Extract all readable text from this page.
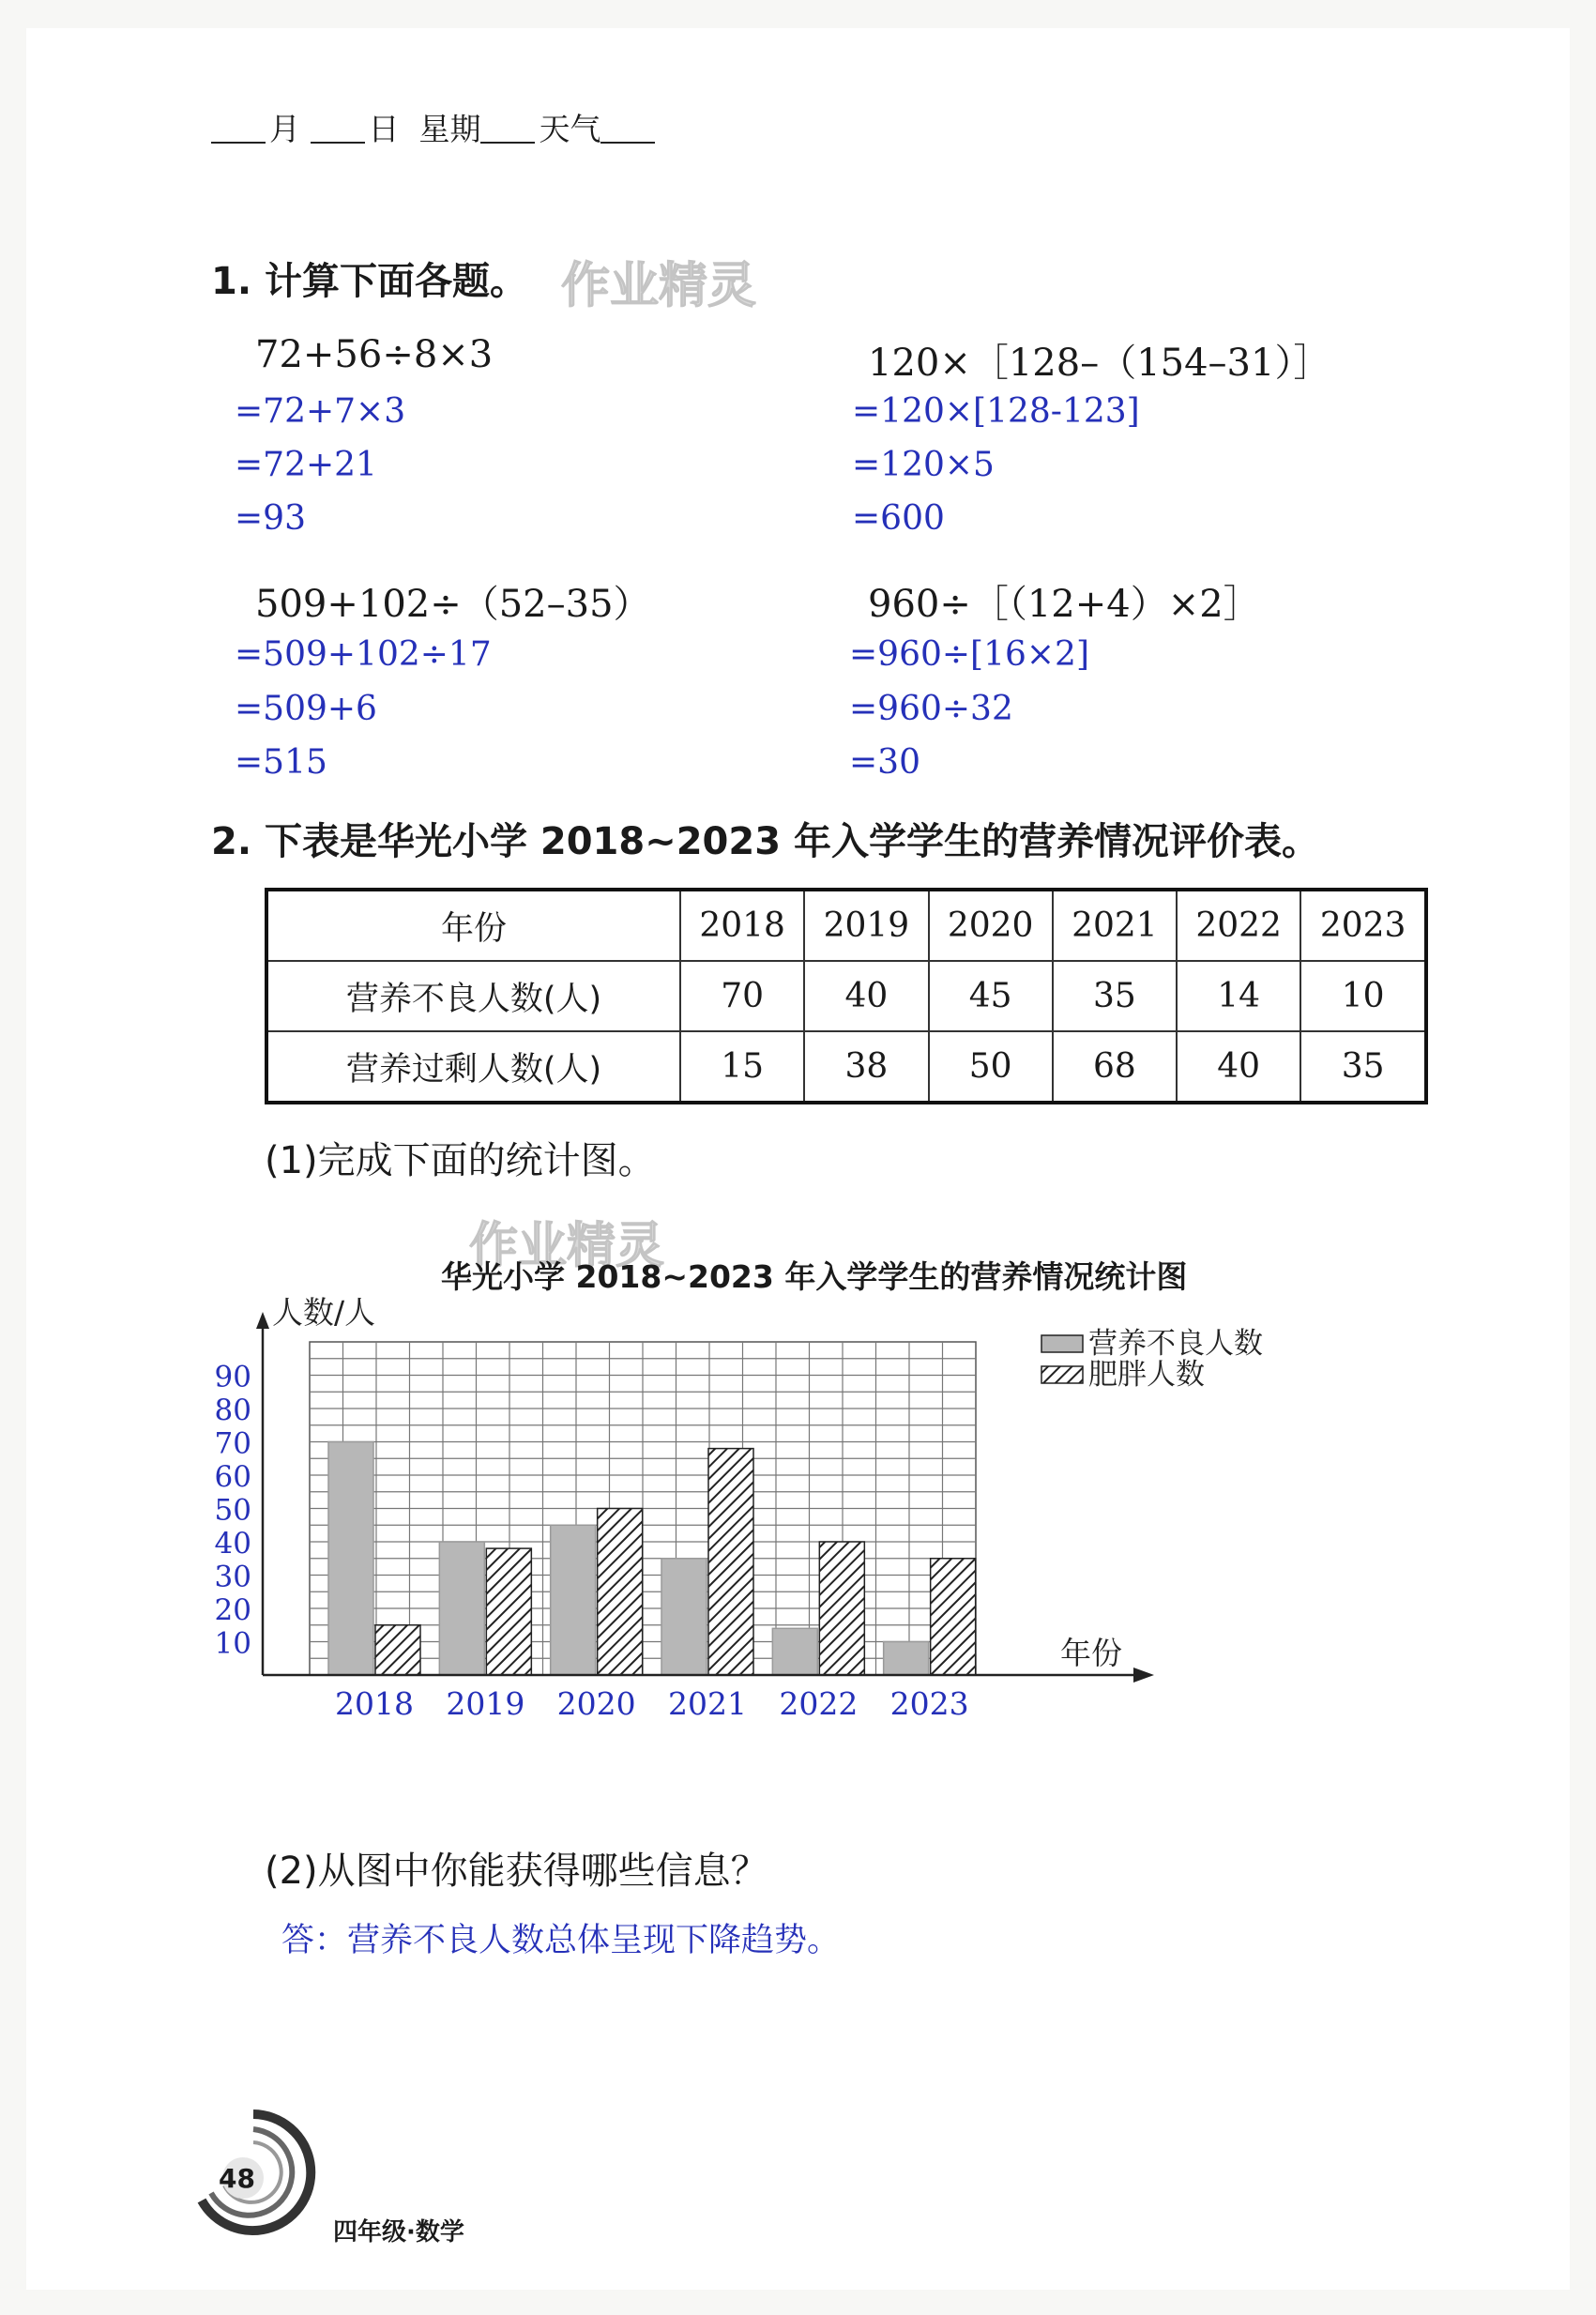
月 日 星期 天气
1. 计算下面各题。 作业精灵
72+56÷8×3
=72+7×3
=72+21
=93
120×［128–（154–31）］
=120×[128-123]
=120×5
=600
509+102÷（52–35）
=509+102÷17
=509+6
=515
960÷［（12+4）×2］
=960÷[16×2]
=960÷32
=30
2. 下表是华光小学 2018~2023 年入学学生的营养情况评价表。
年份	2018	2019	2020	2021	2022	2023
营养不良人数(人)	70	40	45	35	14	10
营养过剩人数(人)	15	38	50	68	40	35
(1)完成下面的统计图。
作业精灵
华光小学 2018~2023 年入学学生的营养情况统计图
2018 2019 2020 2021 2022 2023
10
20
30
40
50
60
70
80
90
人数/人
年份
营养不良人数
肥胖人数
(2)从图中你能获得哪些信息？
答：营养不良人数总体呈现下降趋势。
48
四年级·数学
